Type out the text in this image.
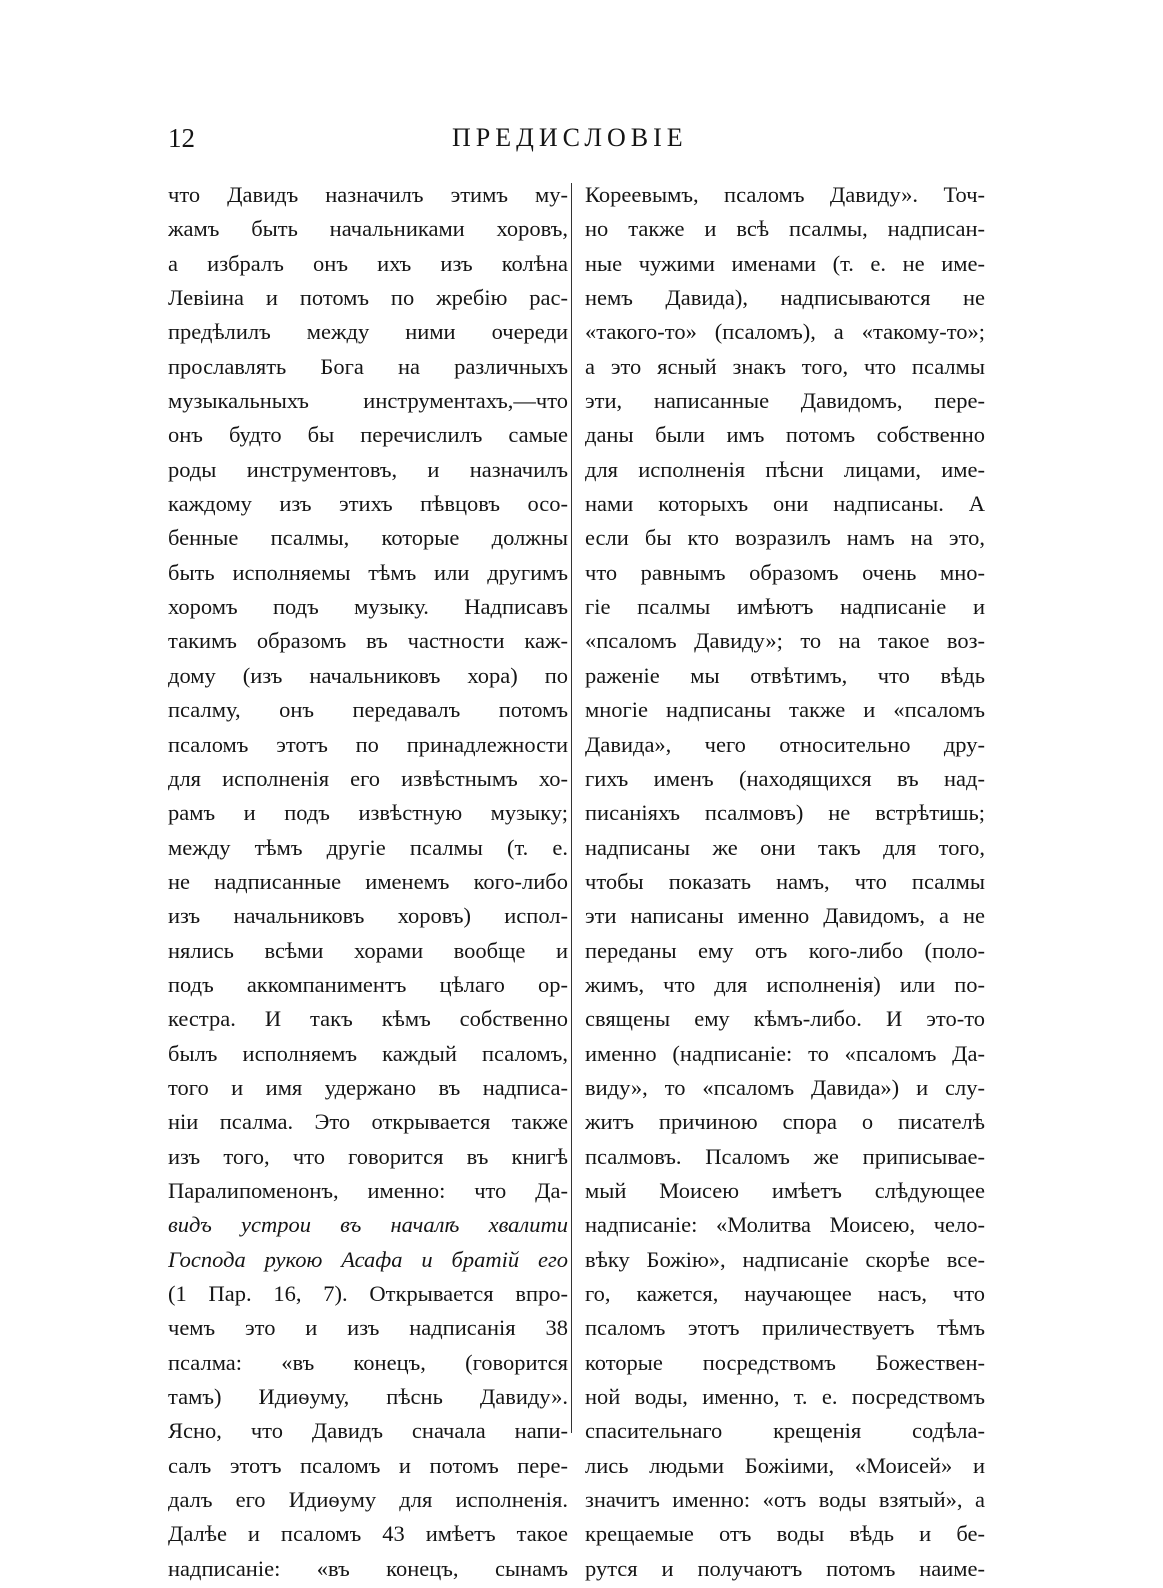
12	ПРЕДИСЛОВІЕ
что Давидъ назначилъ этимъ му-
жамъ быть начальниками хоровъ,
а избралъ онъ ихъ изъ колѣна
Левіина и потомъ по жребію рас-
предѣлилъ между ними очереди
прославлять Бога на различныхъ
музыкальныхъ инструментахъ,—что
онъ будто бы перечислилъ самые
роды инструментовъ, и назначилъ
каждому изъ этихъ пѣвцовъ осо-
бенные псалмы, которые должны
быть исполняемы тѣмъ или другимъ
хоромъ подъ музыку. Надписавъ
такимъ образомъ въ частности каж-
дому (изъ начальниковъ хора) по
псалму, онъ передавалъ потомъ
псаломъ этотъ по принадлежности
для исполненія его извѣстнымъ хо-
рамъ и подъ извѣстную музыку;
между тѣмъ другіе псалмы (т. е.
не надписанные именемъ кого-либо
изъ начальниковъ хоровъ) испол-
нялись всѣми хорами вообще и
подъ аккомпаниментъ цѣлаго ор-
кестра. И такъ кѣмъ собственно
былъ исполняемъ каждый псаломъ,
того и имя удержано въ надписа-
ніи псалма. Это открывается также
изъ того, что говорится въ книгѣ
Паралипоменонъ, именно: что Да-
видъ устрои въ началѣ хвалити
Господа рукою Асафа и братій его
(1 Пар. 16, 7). Открывается впро-
чемъ это и изъ надписанія 38
псалма: «въ конецъ, (говорится
тамъ) Идиѳуму, пѣснь Давиду».
Ясно, что Давидъ сначала напи-
салъ этотъ псаломъ и потомъ пере-
далъ его Идиѳуму для исполненія.
Далѣе и псаломъ 43 имѣетъ такое
надписаніе: «въ конецъ, сынамъ
Кореевымъ, псаломъ Давиду». Точ-
но также и всѣ псалмы, надписан-
ные чужими именами (т. е. не име-
немъ Давида), надписываются не
«такого-то» (псаломъ), а «такому-то»;
а это ясный знакъ того, что псалмы
эти, написанные Давидомъ, пере-
даны были имъ потомъ собственно
для исполненія пѣсни лицами, име-
нами которыхъ они надписаны. А
если бы кто возразилъ намъ на это,
что равнымъ образомъ очень мно-
гіе псалмы имѣютъ надписаніе и
«псаломъ Давиду»; то на такое воз-
раженіе мы отвѣтимъ, что вѣдь
многіе надписаны также и «псаломъ
Давида», чего относительно дру-
гихъ именъ (находящихся въ над-
писаніяхъ псалмовъ) не встрѣтишь;
надписаны же они такъ для того,
чтобы показать намъ, что псалмы
эти написаны именно Давидомъ, а не
переданы ему отъ кого-либо (поло-
жимъ, что для исполненія) или по-
священы ему кѣмъ-либо. И это-то
именно (надписаніе: то «псаломъ Да-
виду», то «псаломъ Давида») и слу-
житъ причиною спора о писателѣ
псалмовъ. Псаломъ же приписывае-
мый Моисею имѣетъ слѣдующее
надписаніе: «Молитва Моисею, чело-
вѣку Божію», надписаніе скорѣе все-
го, кажется, научающее насъ, что
псаломъ этотъ приличествуетъ тѣмъ
которые посредствомъ Божествен-
ной воды, именно, т. е. посредствомъ
спасительнаго крещенія содѣла-
лись людьми Божіими, «Моисей» и
значитъ именно: «отъ воды взятый», а
крещаемые отъ воды вѣдь и бе-
рутся и получаютъ потомъ наиме-
